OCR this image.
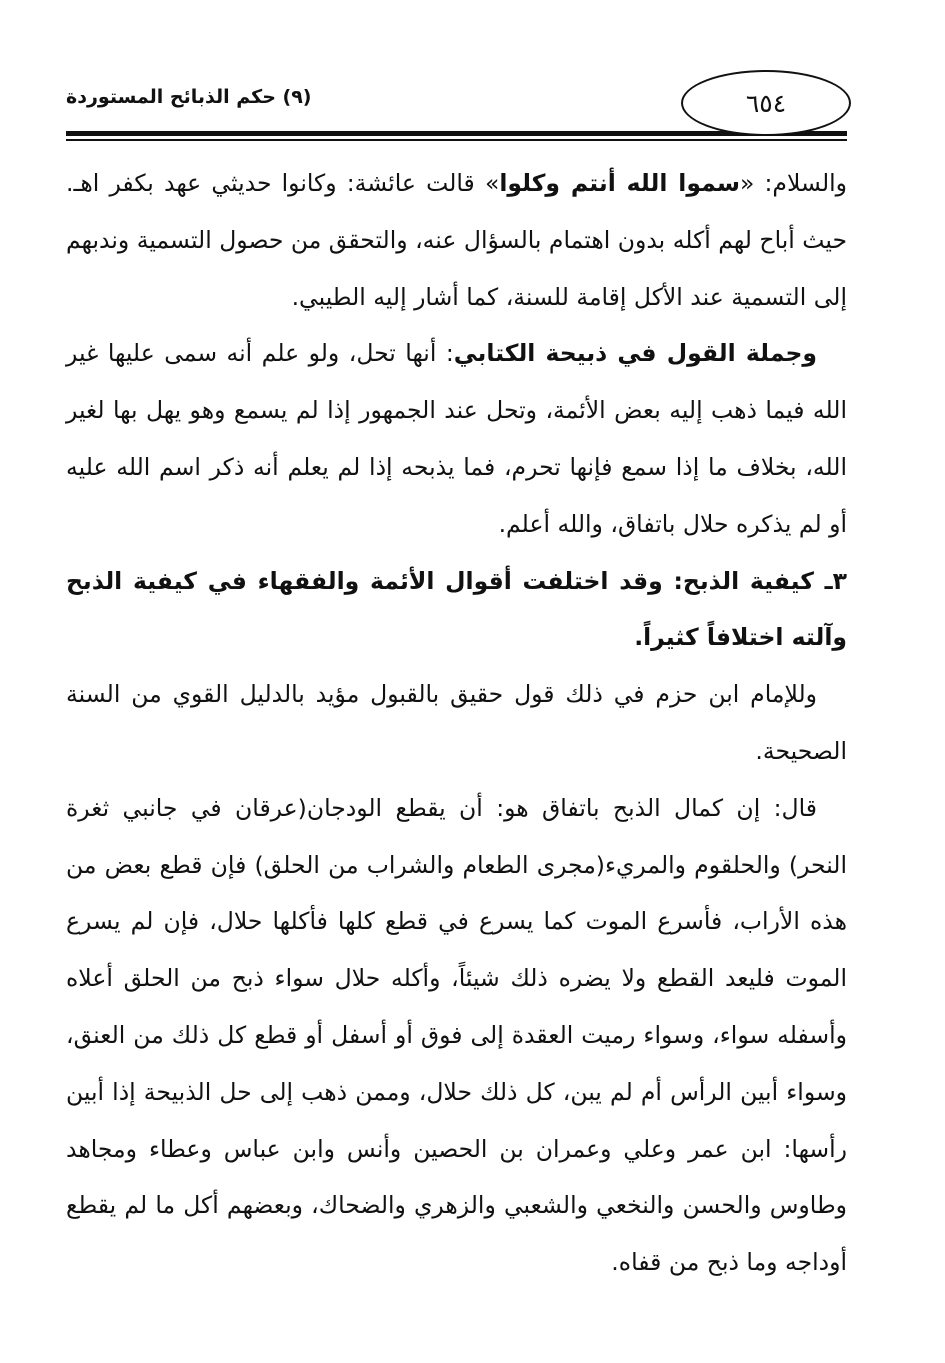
(٩) حكم الذبائح المستوردة	٦٥٤

والسلام: «سموا الله أنتم وكلوا» قالت عائشة: وكانوا حديثي عهد بكفر اهـ. حيث أباح لهم أكله بدون اهتمام بالسؤال عنه، والتحقق من حصول التسمية وندبهم إلى التسمية عند الأكل إقامة للسنة، كما أشار إليه الطيبي.

وجملة القول في ذبيحة الكتابي: أنها تحل، ولو علم أنه سمى عليها غير الله فيما ذهب إليه بعض الأئمة، وتحل عند الجمهور إذا لم يسمع وهو يهل بها لغير الله، بخلاف ما إذا سمع فإنها تحرم، فما يذبحه إذا لم يعلم أنه ذكر اسم الله عليه أو لم يذكره حلال باتفاق، والله أعلم.

٣ـ كيفية الذبح: وقد اختلفت أقوال الأئمة والفقهاء في كيفية الذبح وآلته اختلافاً كثيراً.

وللإمام ابن حزم في ذلك قول حقيق بالقبول مؤيد بالدليل القوي من السنة الصحيحة.

قال: إن كمال الذبح باتفاق هو: أن يقطع الودجان(عرقان في جانبي ثغرة النحر) والحلقوم والمريء(مجرى الطعام والشراب من الحلق) فإن قطع بعض من هذه الأراب، فأسرع الموت كما يسرع في قطع كلها فأكلها حلال، فإن لم يسرع الموت فليعد القطع ولا يضره ذلك شيئاً، وأكله حلال سواء ذبح من الحلق أعلاه وأسفله سواء، وسواء رميت العقدة إلى فوق أو أسفل أو قطع كل ذلك من العنق، وسواء أبين الرأس أم لم يبن، كل ذلك حلال، وممن ذهب إلى حل الذبيحة إذا أبين رأسها: ابن عمر وعلي وعمران بن الحصين وأنس وابن عباس وعطاء ومجاهد وطاوس والحسن والنخعي والشعبي والزهري والضحاك، وبعضهم أكل ما لم يقطع أوداجه وما ذبح من قفاه.
